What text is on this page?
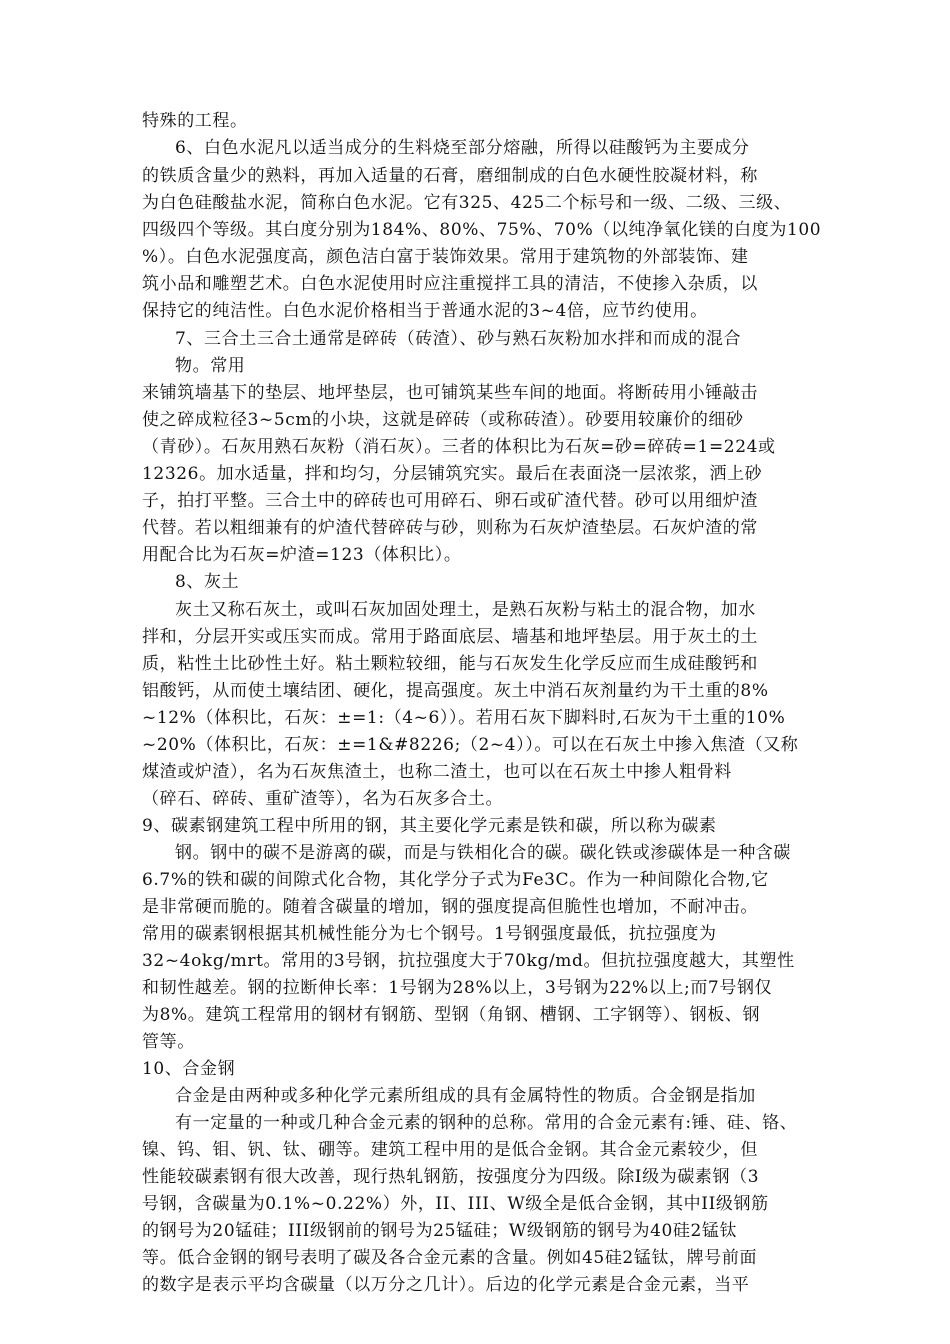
特殊的工程。
6、白色水泥凡以适当成分的生料烧至部分熔融，所得以硅酸钙为主要成分
的铁质含量少的熟料，再加入适量的石膏，磨细制成的白色水硬性胶凝材料，称
为白色硅酸盐水泥，简称白色水泥。它有325、425二个标号和一级、二级、三级、
四级四个等级。其白度分别为184%、80%、75%、70%（以纯净氧化镁的白度为100
%）。白色水泥强度高，颜色洁白富于装饰效果。常用于建筑物的外部装饰、建
筑小品和雕塑艺术。白色水泥使用时应注重搅拌工具的清洁，不使掺入杂质，以
保持它的纯洁性。白色水泥价格相当于普通水泥的3~4倍，应节约使用。
7、三合土三合土通常是碎砖（砖渣）、砂与熟石灰粉加水拌和而成的混合
物。常用
来铺筑墙基下的垫层、地坪垫层，也可铺筑某些车间的地面。将断砖用小锤敲击
使之碎成粒径3~5cm的小块，这就是碎砖（或称砖渣）。砂要用较廉价的细砂
（青砂）。石灰用熟石灰粉（消石灰）。三者的体积比为石灰=砂=碎砖=1=224或
12326。加水适量，拌和均匀，分层铺筑究实。最后在表面浇一层浓浆，洒上砂
子，拍打平整。三合土中的碎砖也可用碎石、卵石或矿渣代替。砂可以用细炉渣
代替。若以粗细兼有的炉渣代替碎砖与砂，则称为石灰炉渣垫层。石灰炉渣的常
用配合比为石灰=炉渣=123（体积比）。
8、灰土
灰土又称石灰土，或叫石灰加固处理土，是熟石灰粉与粘土的混合物，加水
拌和，分层开实或压实而成。常用于路面底层、墙基和地坪垫层。用于灰土的土
质，粘性土比砂性土好。粘土颗粒较细，能与石灰发生化学反应而生成硅酸钙和
铝酸钙，从而使土壤结团、硬化，提高强度。灰土中消石灰剂量约为干土重的8%
~12%（体积比，石灰：±=1:（4~6））。若用石灰下脚料时,石灰为干土重的10%
~20%（体积比，石灰：±=1&#8226;（2~4））。可以在石灰土中掺入焦渣（又称
煤渣或炉渣），名为石灰焦渣土，也称二渣土，也可以在石灰土中掺人粗骨料
（碎石、碎砖、重矿渣等），名为石灰多合土。
9、碳素钢建筑工程中所用的钢，其主要化学元素是铁和碳，所以称为碳素
钢。钢中的碳不是游离的碳，而是与铁相化合的碳。碳化铁或渗碳体是一种含碳
6.7%的铁和碳的间隙式化合物，其化学分子式为Fe3C。作为一种间隙化合物,它
是非常硬而脆的。随着含碳量的增加，钢的强度提高但脆性也增加，不耐冲击。
常用的碳素钢根据其机械性能分为七个钢号。1号钢强度最低，抗拉强度为
32~4okg/mrt。常用的3号钢，抗拉强度大于70kg/md。但抗拉强度越大，其塑性
和韧性越差。钢的拉断伸长率：1号钢为28%以上，3号钢为22%以上;而7号钢仅
为8%。建筑工程常用的钢材有钢筋、型钢（角钢、槽钢、工字钢等）、钢板、钢
管等。
10、合金钢
合金是由两种或多种化学元素所组成的具有金属特性的物质。合金钢是指加
有一定量的一种或几种合金元素的钢种的总称。常用的合金元素有:锤、硅、铬、
镍、钨、钼、钒、钛、硼等。建筑工程中用的是低合金钢。其合金元素较少，但
性能较碳素钢有很大改善，现行热轧钢筋，按强度分为四级。除I级为碳素钢（3
号钢，含碳量为0.1%~0.22%）外，II、III、W级全是低合金钢，其中II级钢筋
的钢号为20锰硅；III级钢前的钢号为25锰硅；W级钢筋的钢号为40硅2锰钛
等。低合金钢的钢号表明了碳及各合金元素的含量。例如45硅2锰钛，牌号前面
的数字是表示平均含碳量（以万分之几计）。后边的化学元素是合金元素，当平
